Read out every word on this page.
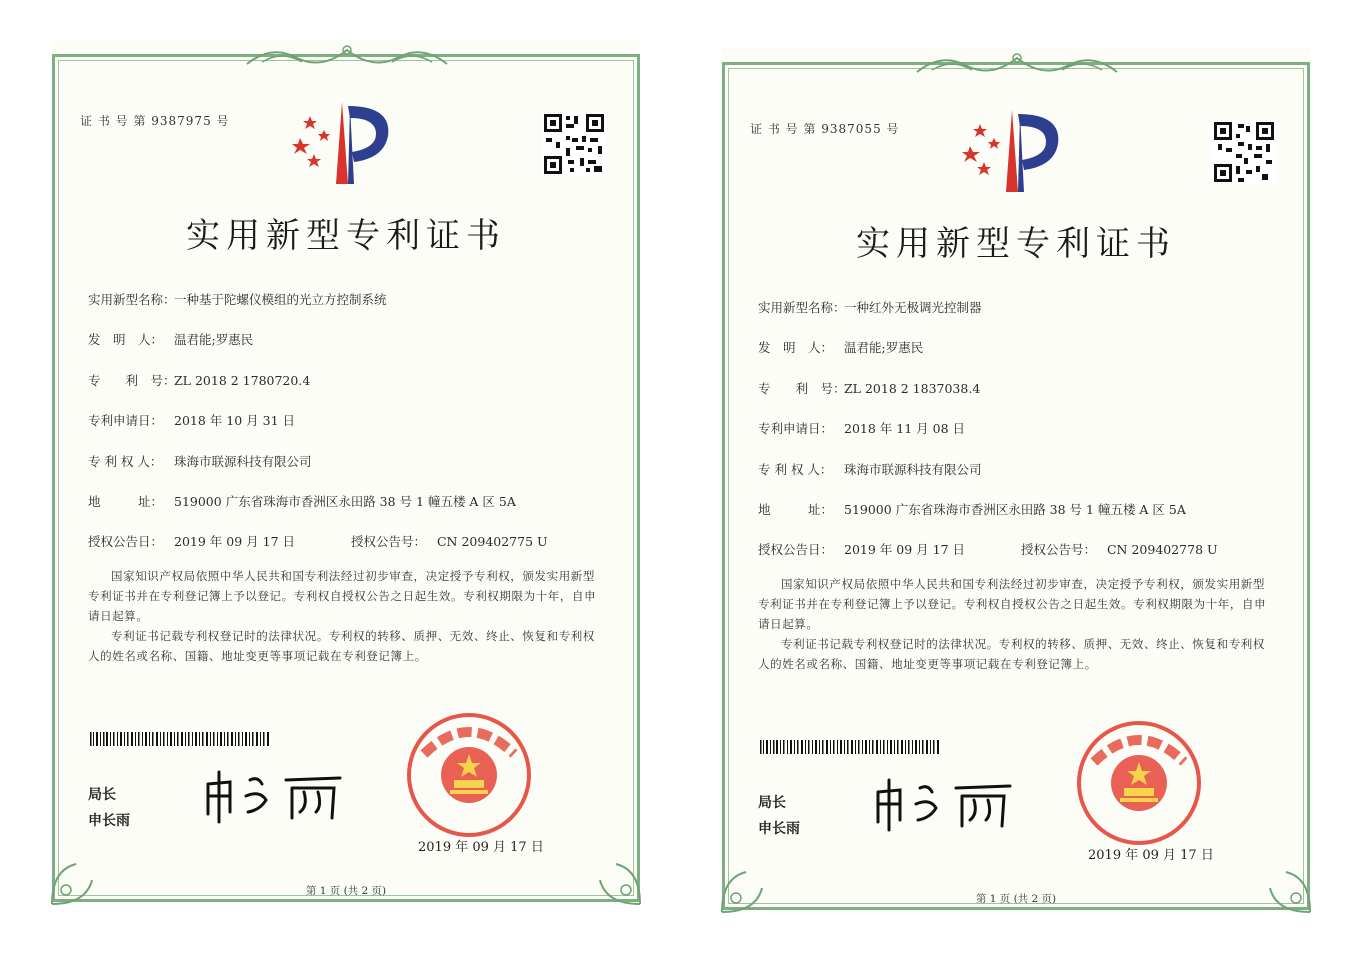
证 书 号 第 9387975 号
实用新型专利证书
实用新型名称：一种基于陀螺仪模组的光立方控制系统
发　明　人： 温君能;罗惠民
专　　利　号：ZL 2018 2 1780720.4
专利申请日： 2018 年 10 月 31 日
专 利 权 人： 珠海市联源科技有限公司
地　　　址： 519000 广东省珠海市香洲区永田路 38 号 1 幢五楼 A 区 5A
授权公告日： 2019 年 09 月 17 日	授权公告号： CN 209402775 U

国家知识产权局依照中华人民共和国专利法经过初步审查，决定授予专利权，颁发实用新型专利证书并在专利登记簿上予以登记。专利权自授权公告之日起生效。专利权期限为十年，自申请日起算。

专利证书记载专利权登记时的法律状况。专利权的转移、质押、无效、终止、恢复和专利权人的姓名或名称、国籍、地址变更等事项记载在专利登记簿上。

局长
申长雨
2019 年 09 月 17 日
第 1 页 (共 2 页)
证 书 号 第 9387055 号
实用新型专利证书
实用新型名称：一种红外无极调光控制器
发　明　人： 温君能;罗惠民
专　　利　号：ZL 2018 2 1837038.4
专利申请日： 2018 年 11 月 08 日
专 利 权 人： 珠海市联源科技有限公司
地　　　址： 519000 广东省珠海市香洲区永田路 38 号 1 幢五楼 A 区 5A
授权公告日： 2019 年 09 月 17 日	授权公告号： CN 209402778 U

国家知识产权局依照中华人民共和国专利法经过初步审查，决定授予专利权，颁发实用新型专利证书并在专利登记簿上予以登记。专利权自授权公告之日起生效。专利权期限为十年，自申请日起算。

专利证书记载专利权登记时的法律状况。专利权的转移、质押、无效、终止、恢复和专利权人的姓名或名称、国籍、地址变更等事项记载在专利登记簿上。

局长
申长雨
2019 年 09 月 17 日
第 1 页 (共 2 页)
